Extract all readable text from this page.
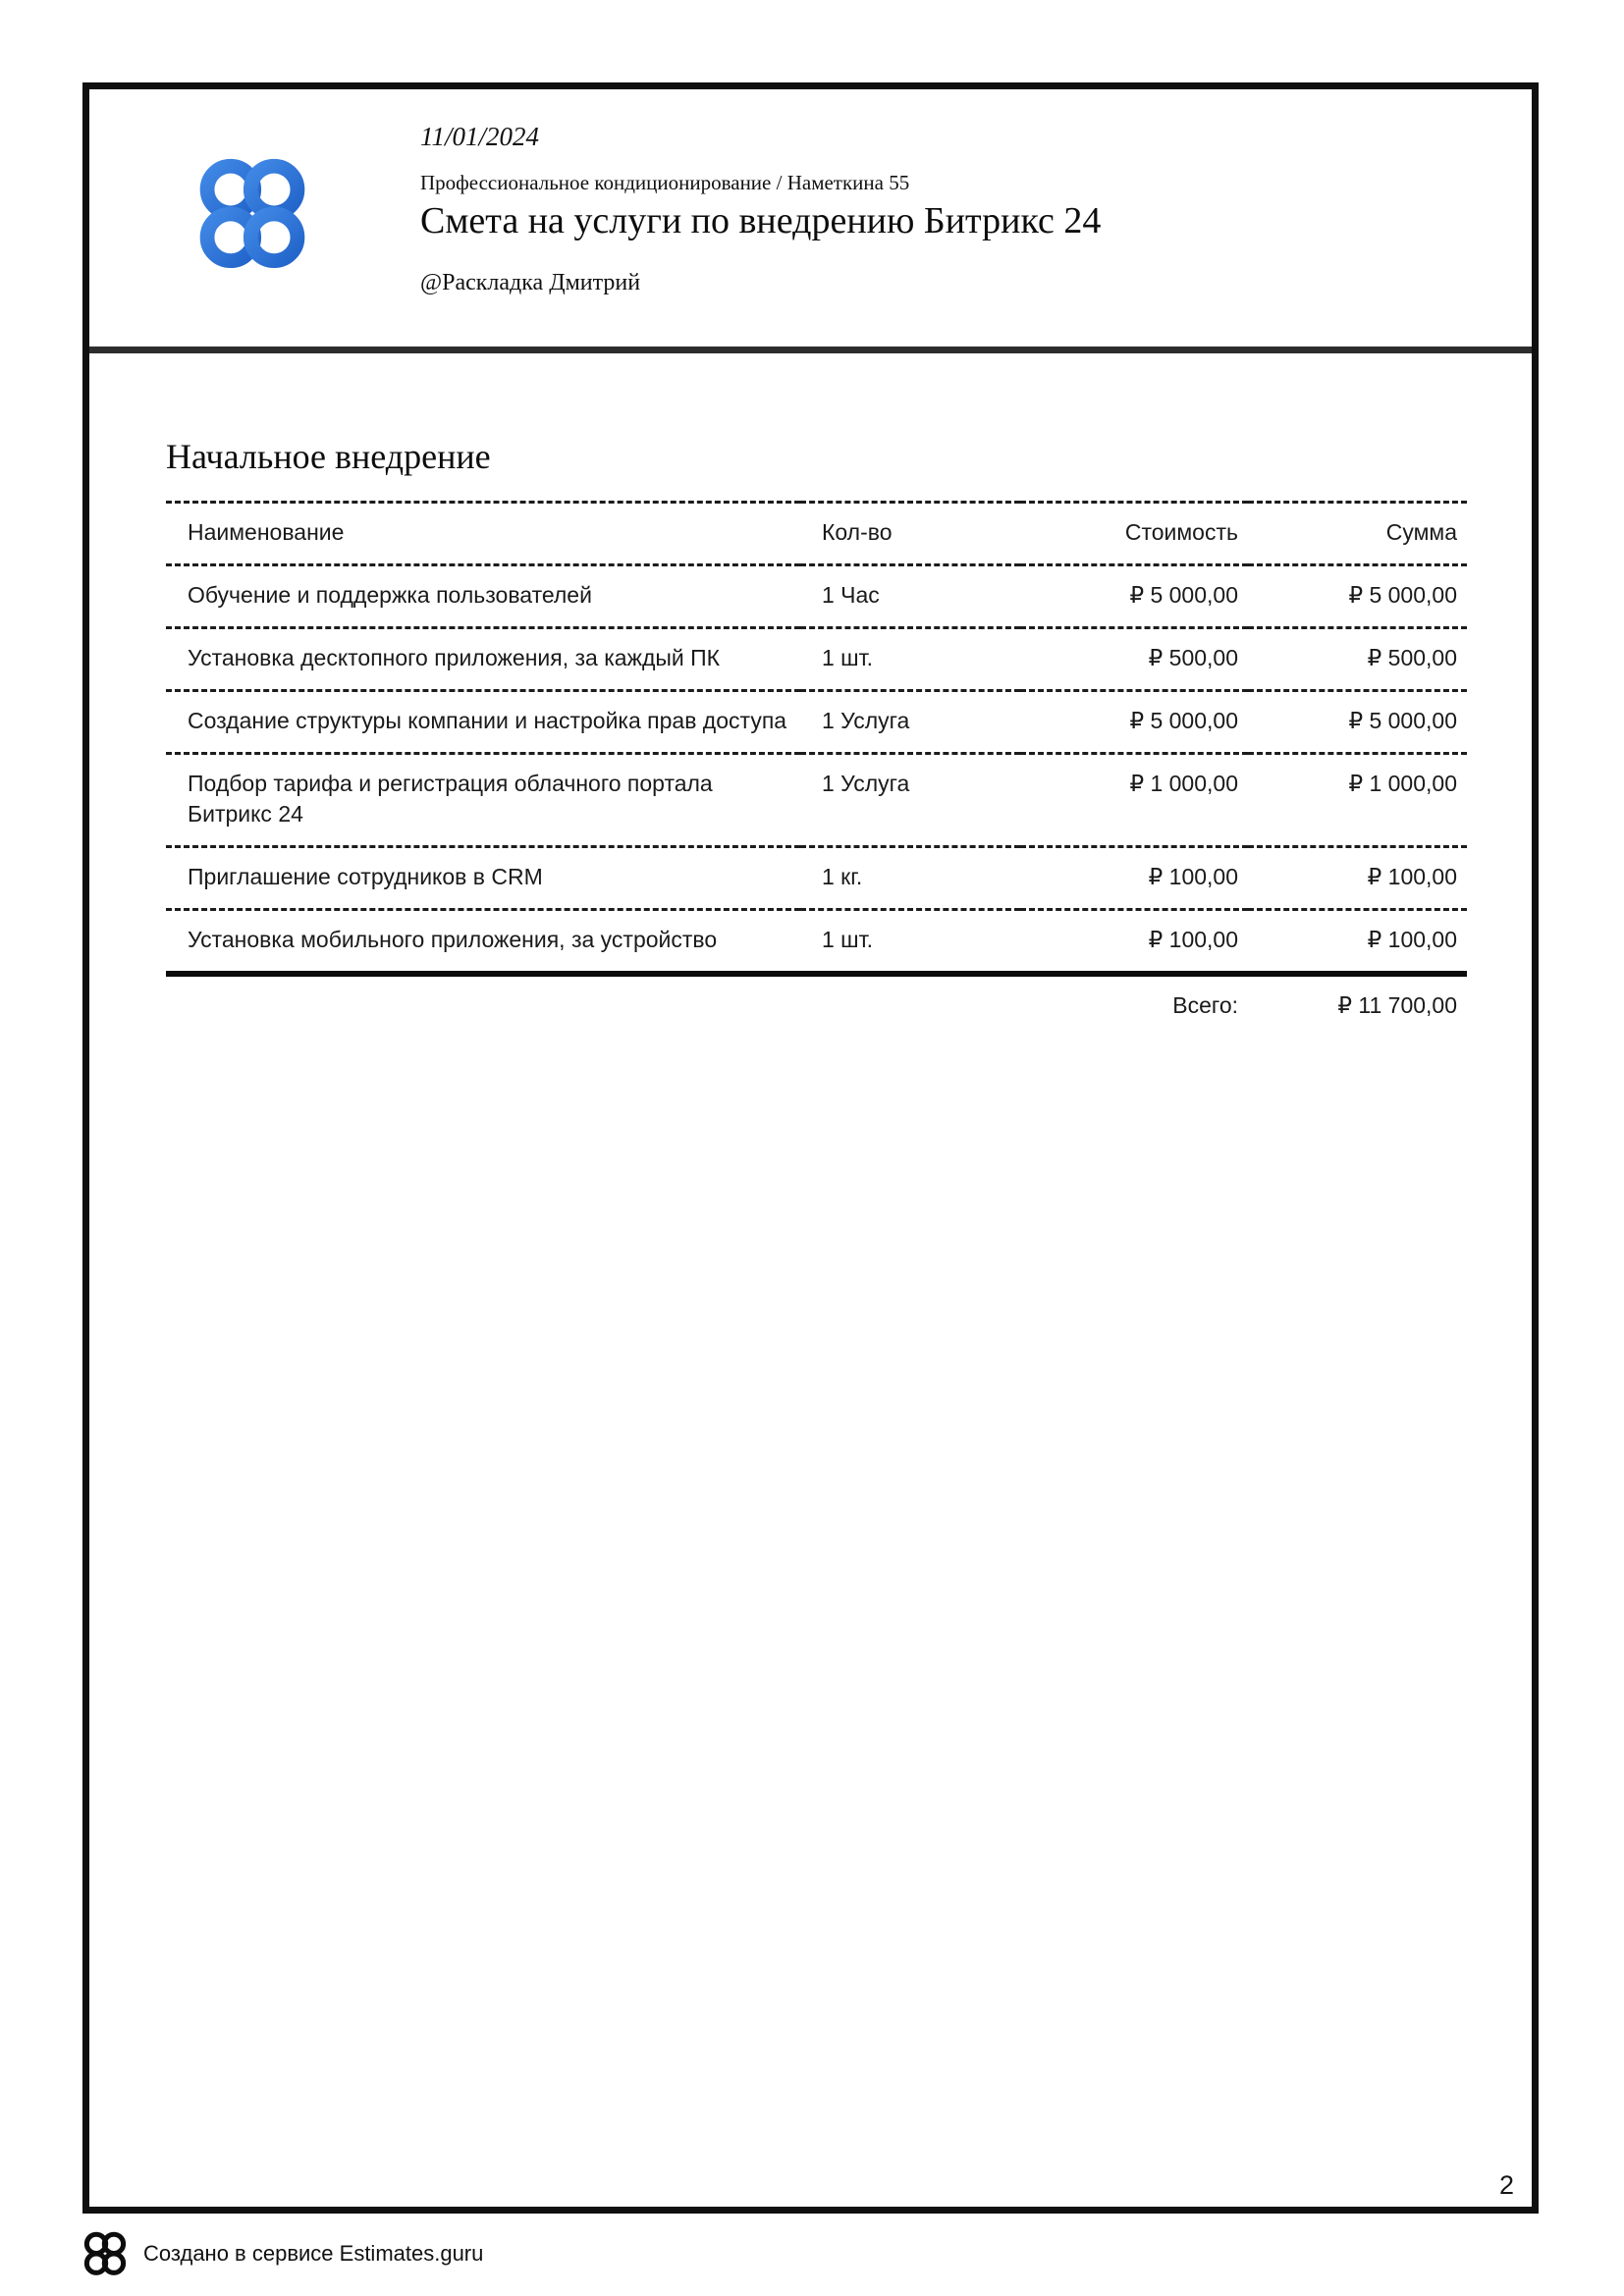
11/01/2024
Профессиональное кондиционирование / Наметкина 55
Смета на услуги по внедрению Битрикс 24
@Раскладка Дмитрий
Начальное внедрение
Наименование	Кол-во	Стоимость	Сумма
Обучение и поддержка пользователей	1 Час	₽ 5 000,00	₽ 5 000,00
Установка десктопного приложения, за каждый ПК	1 шт.	₽ 500,00	₽ 500,00
Создание структуры компании и настройка прав доступа	1 Услуга	₽ 5 000,00	₽ 5 000,00
Подбор тарифа и регистрация облачного портала Битрикс 24	1 Услуга	₽ 1 000,00	₽ 1 000,00
Приглашение сотрудников в CRM	1 кг.	₽ 100,00	₽ 100,00
Установка мобильного приложения, за устройство	1 шт.	₽ 100,00	₽ 100,00
		Всего:	₽ 11 700,00
2
Создано в сервисе Estimates.guru
